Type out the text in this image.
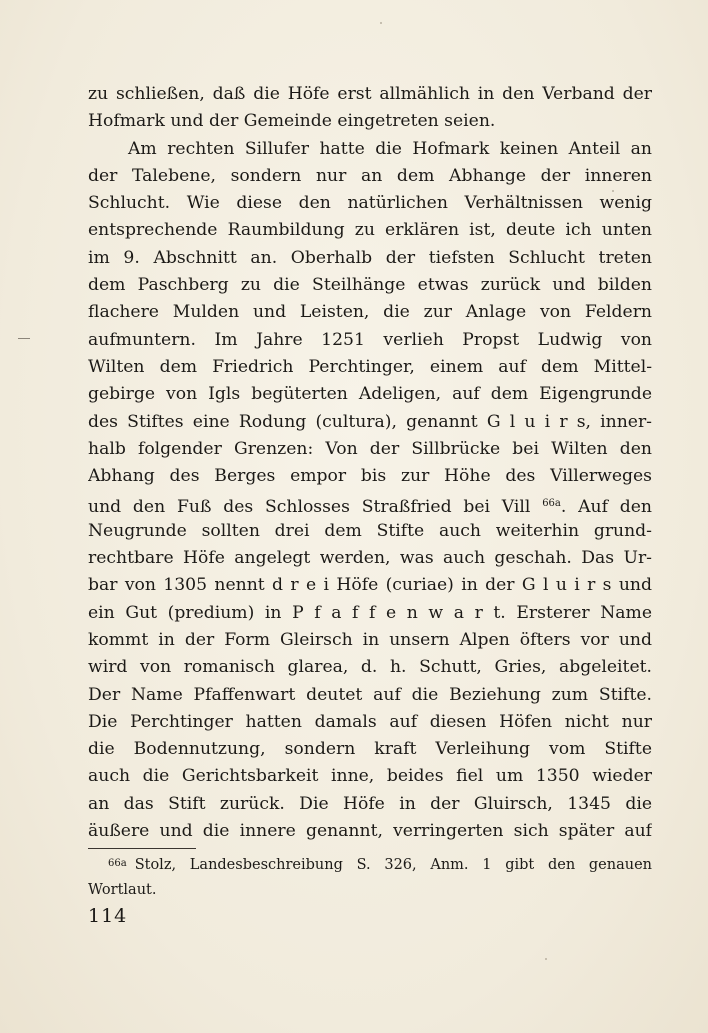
zu schließen, daß die Höfe erst allmählich in den Verband der
Hofmark und der Gemeinde eingetreten seien.
Am rechten Sillufer hatte die Hofmark keinen Anteil an
der Talebene, sondern nur an dem Abhange der inneren
Schlucht. Wie diese den natürlichen Verhältnissen wenig
entsprechende Raumbildung zu erklären ist, deute ich unten
im 9. Abschnitt an. Oberhalb der tiefsten Schlucht treten
dem Paschberg zu die Steilhänge etwas zurück und bilden
flachere Mulden und Leisten, die zur Anlage von Feldern
aufmuntern. Im Jahre 1251 verlieh Propst Ludwig von
Wilten dem Friedrich Perchtinger, einem auf dem Mittel-
gebirge von Igls begüterten Adeligen, auf dem Eigengrunde
des Stiftes eine Rodung (cultura), genannt G l u i r s, inner-
halb folgender Grenzen: Von der Sillbrücke bei Wilten den
Abhang des Berges empor bis zur Höhe des Villerweges
und den Fuß des Schlosses Straßfried bei Vill $^{66a}$. Auf den
Neugrunde sollten drei dem Stifte auch weiterhin grund-
rechtbare Höfe angelegt werden, was auch geschah. Das Ur-
bar von 1305 nennt d r e i Höfe (curiae) in der G l u i r s und
ein Gut (predium) in P f a f f e n w a r t. Ersterer Name
kommt in der Form Gleirsch in unsern Alpen öfters vor und
wird von romanisch glarea, d. h. Schutt, Gries, abgeleitet.
Der Name Pfaffenwart deutet auf die Beziehung zum Stifte.
Die Perchtinger hatten damals auf diesen Höfen nicht nur
die Bodennutzung, sondern kraft Verleihung vom Stifte
auch die Gerichtsbarkeit inne, beides fiel um 1350 wieder
an das Stift zurück. Die Höfe in der Gluirsch, 1345 die
äußere und die innere genannt, verringerten sich später auf
$^{66a}$ Stolz, Landesbeschreibung S. 326, Anm. 1 gibt den genauen
Wortlaut.
114
